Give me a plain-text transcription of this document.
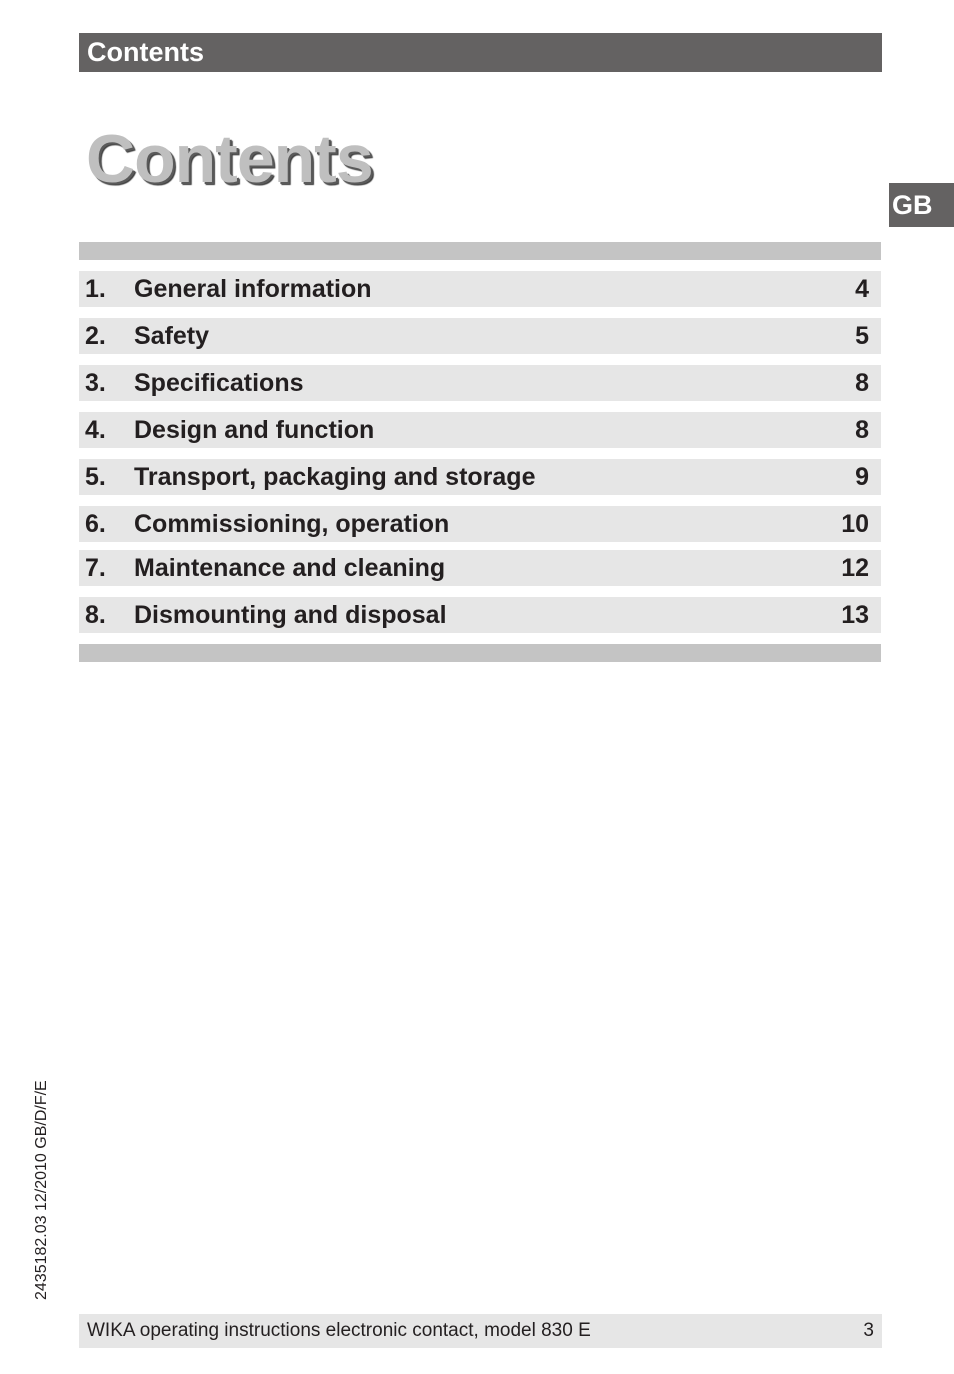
Contents
Contents
GB
1. General information	4
2. Safety	5
3. Specifications	8
4. Design and function	8
5. Transport, packaging and storage	9
6. Commissioning, operation	10
7. Maintenance and cleaning	12
8. Dismounting and disposal	13
2435182.03 12/2010 GB/D/F/E
WIKA operating instructions electronic contact, model 830 E	3
